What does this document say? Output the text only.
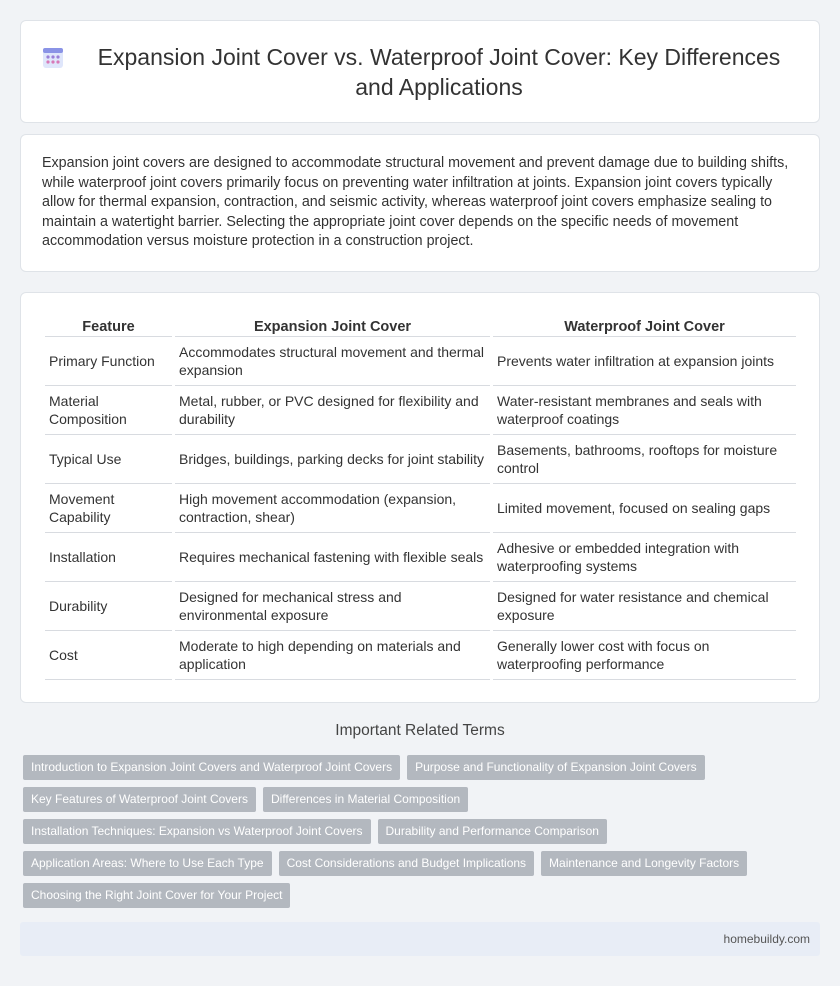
Expansion Joint Cover vs. Waterproof Joint Cover: Key Differences and Applications

Expansion joint covers are designed to accommodate structural movement and prevent damage due to building shifts, while waterproof joint covers primarily focus on preventing water infiltration at joints. Expansion joint covers typically allow for thermal expansion, contraction, and seismic activity, whereas waterproof joint covers emphasize sealing to maintain a watertight barrier. Selecting the appropriate joint cover depends on the specific needs of movement accommodation versus moisture protection in a construction project.

Feature	Expansion Joint Cover	Waterproof Joint Cover
Primary Function	Accommodates structural movement and thermal expansion	Prevents water infiltration at expansion joints
Material Composition	Metal, rubber, or PVC designed for flexibility and durability	Water-resistant membranes and seals with waterproof coatings
Typical Use	Bridges, buildings, parking decks for joint stability	Basements, bathrooms, rooftops for moisture control
Movement Capability	High movement accommodation (expansion, contraction, shear)	Limited movement, focused on sealing gaps
Installation	Requires mechanical fastening with flexible seals	Adhesive or embedded integration with waterproofing systems
Durability	Designed for mechanical stress and environmental exposure	Designed for water resistance and chemical exposure
Cost	Moderate to high depending on materials and application	Generally lower cost with focus on waterproofing performance
Important Related Terms
Introduction to Expansion Joint Covers and Waterproof Joint Covers	Purpose and Functionality of Expansion Joint Covers
Key Features of Waterproof Joint Covers	Differences in Material Composition
Installation Techniques: Expansion vs Waterproof Joint Covers	Durability and Performance Comparison
Application Areas: Where to Use Each Type	Cost Considerations and Budget Implications	Maintenance and Longevity Factors
Choosing the Right Joint Cover for Your Project
homebuildy.com
